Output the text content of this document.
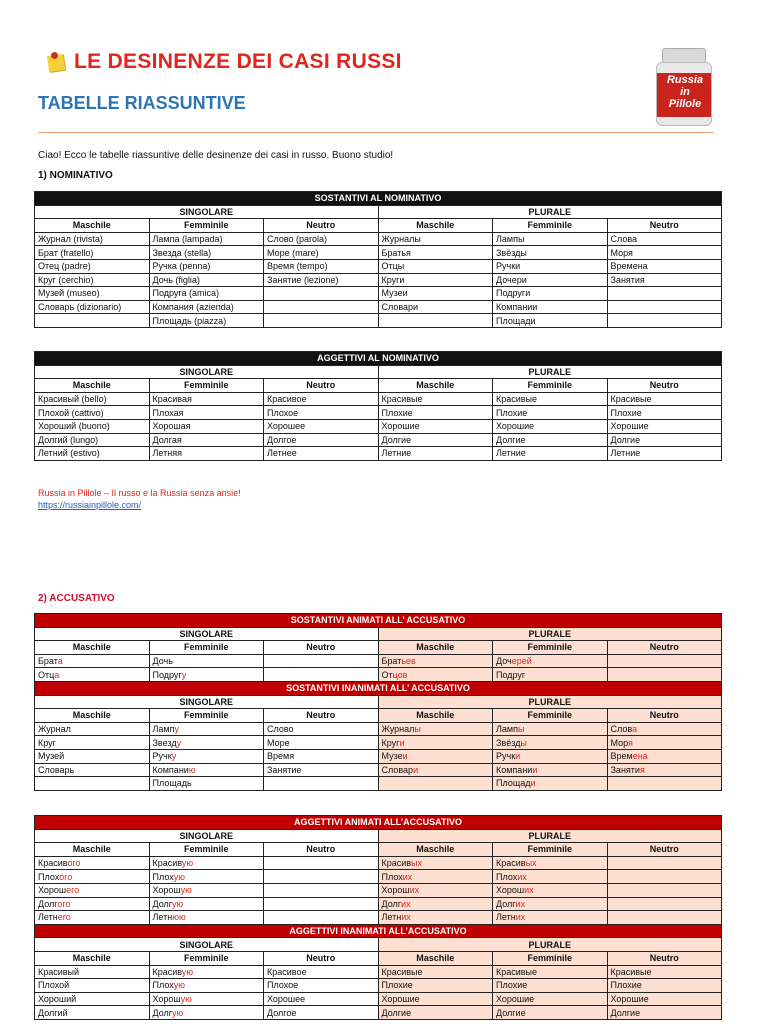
LE DESINENZE DEI CASI RUSSI
TABELLE RIASSUNTIVE
Russia
in
Pillole
Ciao! Ecco le tabelle riassuntive delle desinenze dei casi in russo. Buono studio!
1) NOMINATIVO
SOSTANTIVI AL NOMINATIVO					
SINGOLARE			PLURALE		
Maschile	Femminile	Neutro	Maschile	Femminile	Neutro
Журнал (rivista)	Лампа (lampada)	Слово (parola)	Журналы	Лампы	Слова
Брат (fratello)	Звезда (stella)	Море (mare)	Братья	Звёзды	Моря
Отец (padre)	Ручка (penna)	Время (tempo)	Отцы	Ручки	Времена
Круг (cerchio)	Дочь (figlia)	Занятие (lezione)	Круги	Дочери	Занятия
Музей (museo)	Подруга (amica)		Музеи	Подруги	
Словарь (dizionario)	Компания (azienda)		Словари	Компании	
	Площадь (piazza)			Площади	
AGGETTIVI AL NOMINATIVO					
SINGOLARE			PLURALE		
Maschile	Femminile	Neutro	Maschile	Femminile	Neutro
Красивый (bello)	Красивая	Красивое	Красивые	Красивые	Красивые
Плохой (cattivo)	Плохая	Плохое	Плохие	Плохие	Плохие
Хороший (buono)	Хорошая	Хорошее	Хорошие	Хорошие	Хорошие
Долгий (lungo)	Долгая	Долгое	Долгие	Долгие	Долгие
Летний (estivo)	Летняя	Летнее	Летние	Летние	Летние
Russia in Pillole – Il russo e la Russia senza ansie!
https://russiainpillole.com/
2) ACCUSATIVO
SOSTANTIVI ANIMATI ALL’ ACCUSATIVO					
SINGOLARE			PLURALE		
Maschile	Femminile	Neutro	Maschile	Femminile	Neutro
Брата	Дочь		Братьев	Дочерей	
Отца	Подругу		Отцов	Подруг	
SOSTANTIVI INANIMATI ALL’ ACCUSATIVO					
SINGOLARE			PLURALE		
Maschile	Femminile	Neutro	Maschile	Femminile	Neutro
Журнал	Лампу	Слово	Журналы	Лампы	Слова
Круг	Звезду	Море	Круги	Звёзды	Моря
Музей	Ручку	Время	Музеи	Ручки	Времена
Словарь	Компанию	Занятие	Словари	Компании	Занятия
	Площадь			Площади	
AGGETTIVI ANIMATI ALL’ACCUSATIVO					
SINGOLARE			PLURALE		
Maschile	Femminile	Neutro	Maschile	Femminile	Neutro
Красивого	Красивую		Красивых	Красивых	
Плохого	Плохую		Плохих	Плохих	
Хорошего	Хорошую		Хороших	Хороших	
Долгого	Долгую		Долгих	Долгих	
Летнего	Летнюю		Летних	Летних	
AGGETTIVI INANIMATI ALL’ACCUSATIVO					
SINGOLARE			PLURALE		
Maschile	Femminile	Neutro	Maschile	Femminile	Neutro
Красивый	Красивую	Красивое	Красивые	Красивые	Красивые
Плохой	Плохую	Плохое	Плохие	Плохие	Плохие
Хороший	Хорошую	Хорошее	Хорошие	Хорошие	Хорошие
Долгий	Долгую	Долгое	Долгие	Долгие	Долгие
